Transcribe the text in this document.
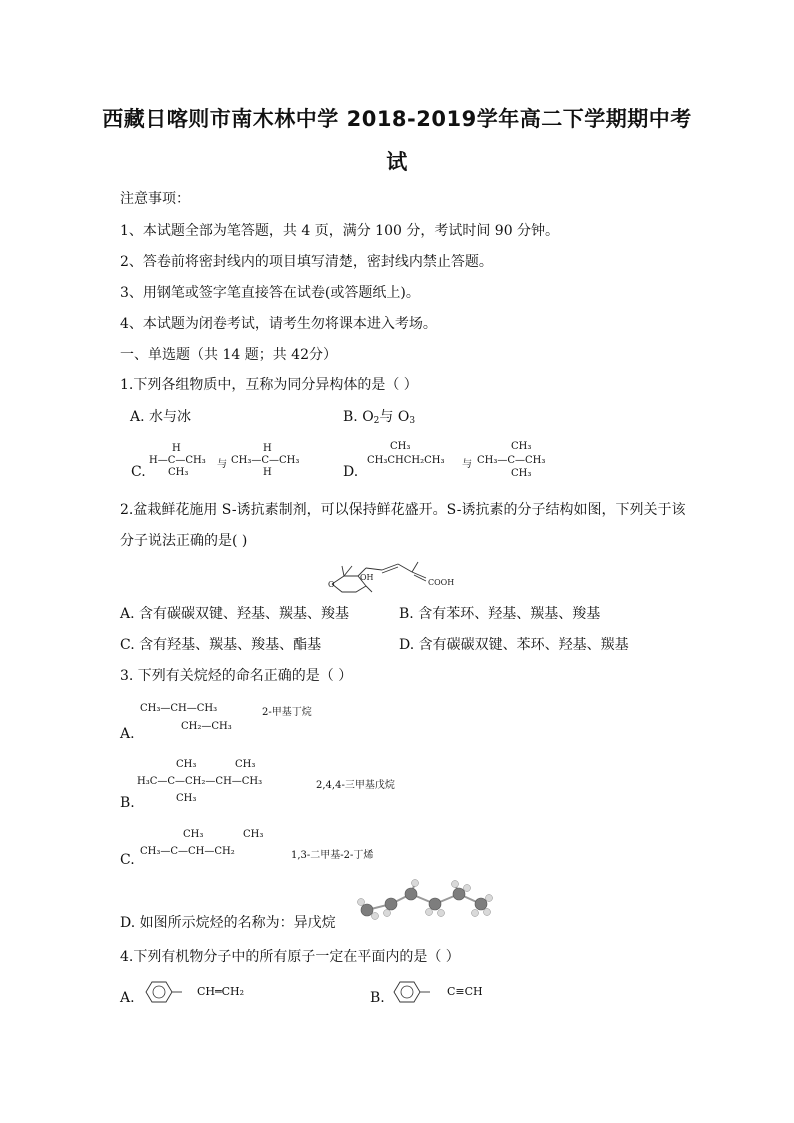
西藏日喀则市南木林中学 2018-2019学年高二下学期期中考
试
注意事项：
1、本试题全部为笔答题，共 4 页，满分 100 分，考试时间 90 分钟。
2、答卷前将密封线内的项目填写清楚，密封线内禁止答题。
3、用钢笔或签字笔直接答在试卷(或答题纸上)。
4、本试题为闭卷考试，请考生勿将课本进入考场。
一、单选题（共 14 题；共 42分）
1.下列各组物质中，互称为同分异构体的是（ ）
A. 水与冰	B. $O_2$与 $O_3$
C.
H
H—C—CH₃
CH₃
与
H
CH₃—C—CH₃
H	D.
CH₃
CH₃CHCH₂CH₃ 与
CH₃
CH₃—C—CH₃
CH₃
2.盆栽鲜花施用 S-诱抗素制剂，可以保持鲜花盛开。S-诱抗素的分子结构如图，下列关于该
分子说法正确的是( )
O
OH
COOH
A. 含有碳碳双键、羟基、羰基、羧基	B. 含有苯环、羟基、羰基、羧基
C. 含有羟基、羰基、羧基、酯基	D. 含有碳碳双键、苯环、羟基、羰基
3. 下列有关烷烃的命名正确的是（ ）
A.
CH₃—CH—CH₃	2-甲基丁烷
CH₂—CH₃
B.
CH₃	CH₃
H₃C—C—CH₂—CH—CH₃	2,4,4-三甲基戊烷
CH₃
C.
CH₃	CH₃
CH₃—C—CH—CH₂	1,3-二甲基-2-丁烯
D. 如图所示烷烃的名称为：异戊烷
4.下列有机物分子中的所有原子一定在平面内的是（ ）
A.	CH═CH₂	B.	C≡CH
